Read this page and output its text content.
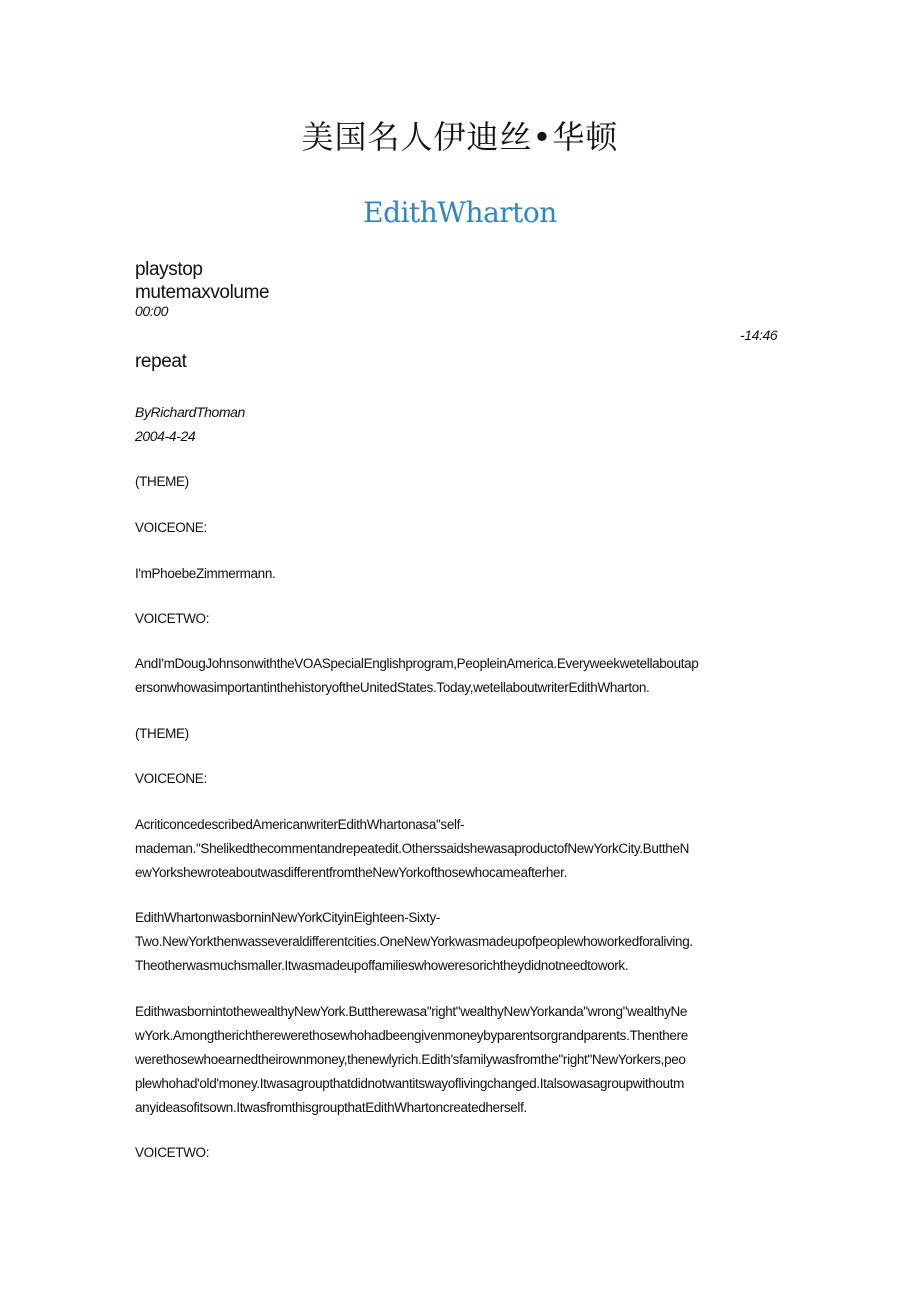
美国名人伊迪丝•华顿
EdithWharton
playstop
mutemaxvolume
00:00
-14:46
repeat
ByRichardThoman
2004-4-24
(THEME)
VOICEONE:
I'mPhoebeZimmermann.
VOICETWO:
AndI'mDougJohnsonwiththeVOASpecialEnglishprogram,PeopleinAmerica.Everyweekwetellaboutap
ersonwhowasimportantinthehistoryoftheUnitedStates.Today,wetellaboutwriterEdithWharton.
(THEME)
VOICEONE:
AcriticoncedescribedAmericanwriterEdithWhartonasa"self-
mademan."Shelikedthecommentandrepeatedit.OtherssaidshewasaproductofNewYorkCity.ButtheN
ewYorkshewroteaboutwasdifferentfromtheNewYorkofthosewhocameafterher.
EdithWhartonwasborninNewYorkCityinEighteen-Sixty-
Two.NewYorkthenwasseveraldifferentcities.OneNewYorkwasmadeupofpeoplewhoworkedforaliving.
Theotherwasmuchsmaller.Itwasmadeupoffamilieswhoweresorichtheydidnotneedtowork.
EdithwasbornintothewealthyNewYork.Buttherewasa"right"wealthyNewYorkanda"wrong"wealthyNe
wYork.Amongtherichtherewerethosewhohadbeengivenmoneybyparentsorgrandparents.Thenthere
werethosewhoearnedtheirownmoney,thenewlyrich.Edith'sfamilywasfromthe"right"NewYorkers,peo
plewhohad'old'money.Itwasagroupthatdidnotwantitswayoflivingchanged.Italsowasagroupwithoutm
anyideasofitsown.ItwasfromthisgroupthatEdithWhartoncreatedherself.
VOICETWO:
